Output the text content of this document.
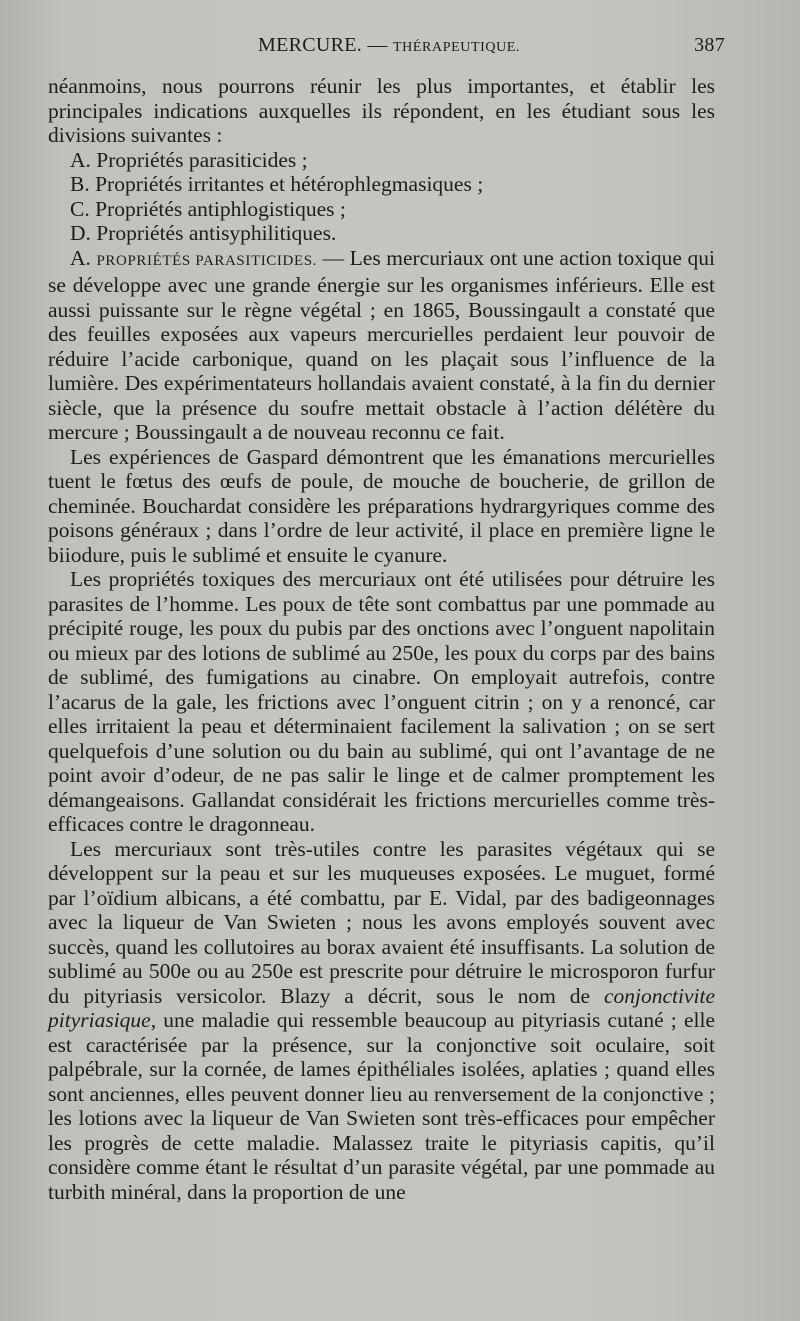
MERCURE. — THÉRAPEUTIQUE.	387

néanmoins, nous pourrons réunir les plus importantes, et établir les principales indications auxquelles ils répondent, en les étudiant sous les divisions suivantes :

A. Propriétés parasiticides ;

B. Propriétés irritantes et hétérophlegmasiques ;

C. Propriétés antiphlogistiques ;

D. Propriétés antisyphilitiques.

A. PROPRIÉTÉS PARASITICIDES. — Les mercuriaux ont une action toxique qui se développe avec une grande énergie sur les organismes inférieurs. Elle est aussi puissante sur le règne végétal ; en 1865, Boussingault a constaté que des feuilles exposées aux vapeurs mercurielles perdaient leur pouvoir de réduire l’acide carbonique, quand on les plaçait sous l’influence de la lumière. Des expérimentateurs hollandais avaient constaté, à la fin du dernier siècle, que la présence du soufre mettait obstacle à l’action délétère du mercure ; Boussingault a de nouveau reconnu ce fait.

Les expériences de Gaspard démontrent que les émanations mercurielles tuent le fœtus des œufs de poule, de mouche de boucherie, de grillon de cheminée. Bouchardat considère les préparations hydrargyriques comme des poisons généraux ; dans l’ordre de leur activité, il place en première ligne le biiodure, puis le sublimé et ensuite le cyanure.

Les propriétés toxiques des mercuriaux ont été utilisées pour détruire les parasites de l’homme. Les poux de tête sont combattus par une pommade au précipité rouge, les poux du pubis par des onctions avec l’onguent napolitain ou mieux par des lotions de sublimé au 250e, les poux du corps par des bains de sublimé, des fumigations au cinabre. On employait autrefois, contre l’acarus de la gale, les frictions avec l’onguent citrin ; on y a renoncé, car elles irritaient la peau et déterminaient facilement la salivation ; on se sert quelquefois d’une solution ou du bain au sublimé, qui ont l’avantage de ne point avoir d’odeur, de ne pas salir le linge et de calmer promptement les démangeaisons. Gallandat considérait les frictions mercurielles comme très-efficaces contre le dragonneau.

Les mercuriaux sont très-utiles contre les parasites végétaux qui se développent sur la peau et sur les muqueuses exposées. Le muguet, formé par l’oïdium albicans, a été combattu, par E. Vidal, par des badigeonnages avec la liqueur de Van Swieten ; nous les avons employés souvent avec succès, quand les collutoires au borax avaient été insuffisants. La solution de sublimé au 500e ou au 250e est prescrite pour détruire le microsporon furfur du pityriasis versicolor. Blazy a décrit, sous le nom de conjonctivite pityriasique, une maladie qui ressemble beaucoup au pityriasis cutané ; elle est caractérisée par la présence, sur la conjonctive soit oculaire, soit palpébrale, sur la cornée, de lames épithéliales isolées, aplaties ; quand elles sont anciennes, elles peuvent donner lieu au renversement de la conjonctive ; les lotions avec la liqueur de Van Swieten sont très-efficaces pour empêcher les progrès de cette maladie. Malassez traite le pityriasis capitis, qu’il considère comme étant le résultat d’un parasite végétal, par une pommade au turbith minéral, dans la proportion de une
